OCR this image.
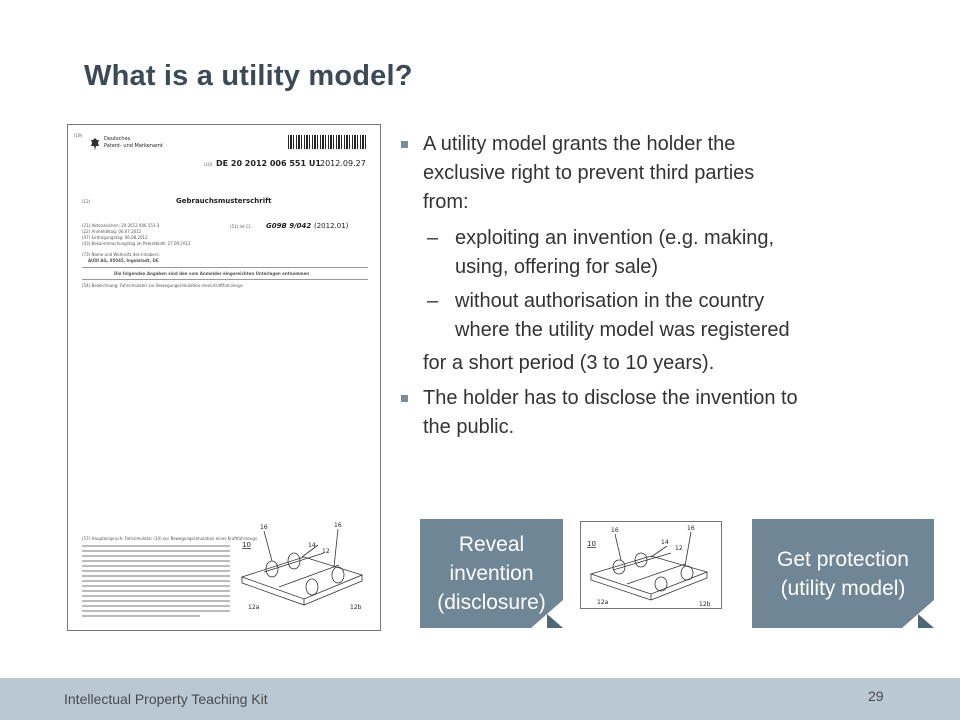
What is a utility model?
(19)
Deutsches
Patent- und Markenamt
(10) DE 20 2012 006 551 U1 2012.09.27
(12)	Gebrauchsmusterschrift
(21) Aktenzeichen: 20 2012 006 551.3
(22) Anmeldetag: 06.07.2012
(47) Eintragungstag: 06.08.2012
(43) Bekanntmachungstag im Patentblatt: 27.09.2012
(51) Int Cl.: G09B 9/042 (2012.01)
(73) Name und Wohnsitz des Inhabers:
AUDI AG, 85045, Ingolstadt, DE
Die folgenden Angaben sind den vom Anmelder eingereichten Unterlagen entnommen
(54) Bezeichnung: Fahrsimulator zur Bewegungssimulation eines Kraftfahrzeugs
(57) Hauptanspruch: Fahrsimulator (10) zur Bewegungssimulation eines Kraftfahrzeugs
16	16
10	14
12
12a	12b
A utility model grants the holder the
exclusive right to prevent third parties
from:
– exploiting an invention (e.g. making,
using, offering for sale)
– without authorisation in the country
where the utility model was registered
for a short period (3 to 10 years).
The holder has to disclose the invention to
the public.
Reveal
invention
(disclosure)
16	16
10	14
12
12a	12b
Get protection
(utility model)
Intellectual Property Teaching Kit	29
